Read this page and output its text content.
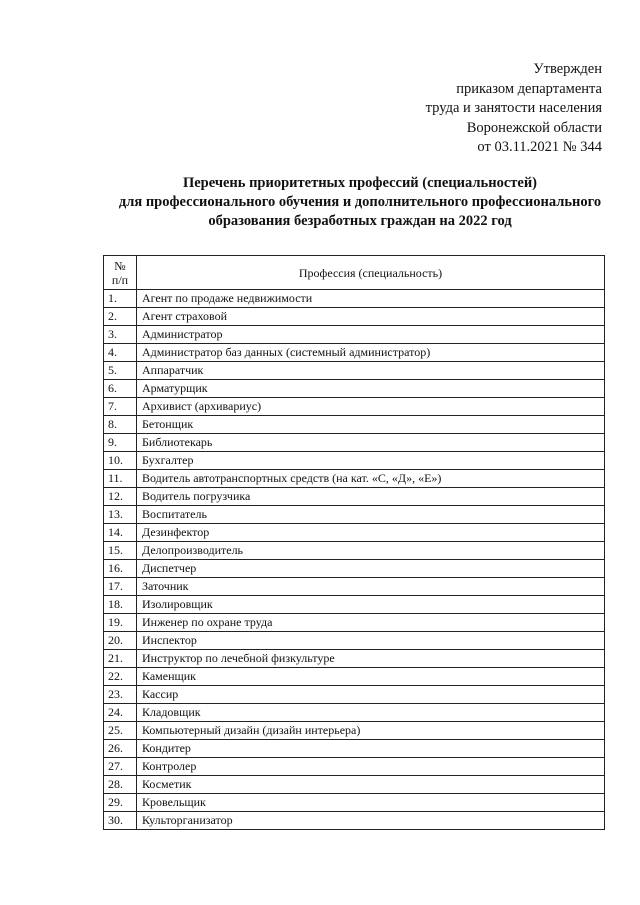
Утвержден
приказом департамента
труда и занятости населения
Воронежской области
от 03.11.2021 № 344
Перечень приоритетных профессий (специальностей)
для профессионального обучения и дополнительного профессионального
образования безработных граждан на 2022 год
№
п/п	Профессия (специальность)
1.	Агент по продаже недвижимости
2.	Агент страховой
3.	Администратор
4.	Администратор баз данных (системный администратор)
5.	Аппаратчик
6.	Арматурщик
7.	Архивист (архивариус)
8.	Бетонщик
9.	Библиотекарь
10.	Бухгалтер
11.	Водитель автотранспортных средств (на кат. «С, «Д», «Е»)
12.	Водитель погрузчика
13.	Воспитатель
14.	Дезинфектор
15.	Делопроизводитель
16.	Диспетчер
17.	Заточник
18.	Изолировщик
19.	Инженер по охране труда
20.	Инспектор
21.	Инструктор по лечебной физкультуре
22.	Каменщик
23.	Кассир
24.	Кладовщик
25.	Компьютерный дизайн (дизайн интерьера)
26.	Кондитер
27.	Контролер
28.	Косметик
29.	Кровельщик
30.	Культорганизатор
